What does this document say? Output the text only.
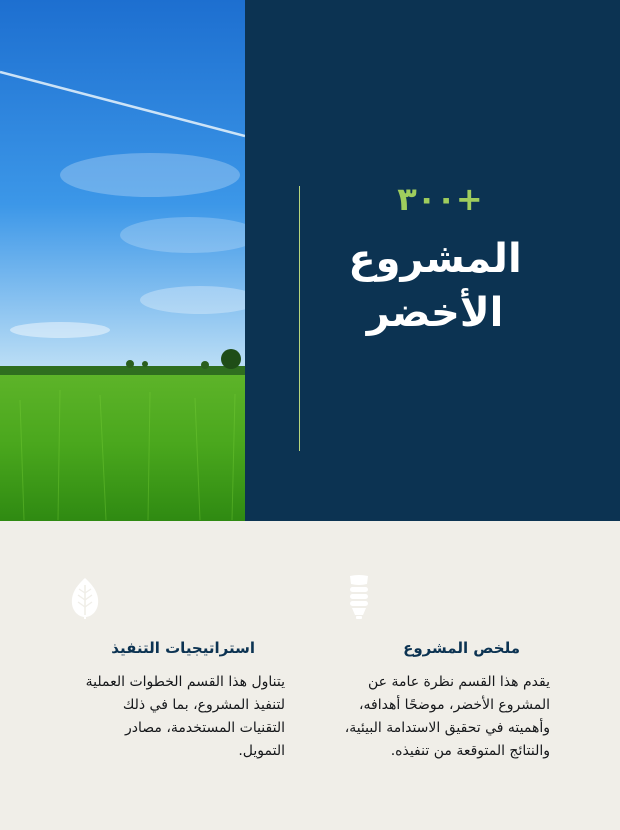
+٣٠٠
المشروع
الأخضر
ملخص المشروع
يقدم هذا القسم نظرة عامة عن المشروع الأخضر، موضحًا أهدافه، وأهميته في تحقيق الاستدامة البيئية، والنتائج المتوقعة من تنفيذه.
استراتيجيات التنفيذ
يتناول هذا القسم الخطوات العملية لتنفيذ المشروع، بما في ذلك التقنيات المستخدمة، مصادر التمويل.
